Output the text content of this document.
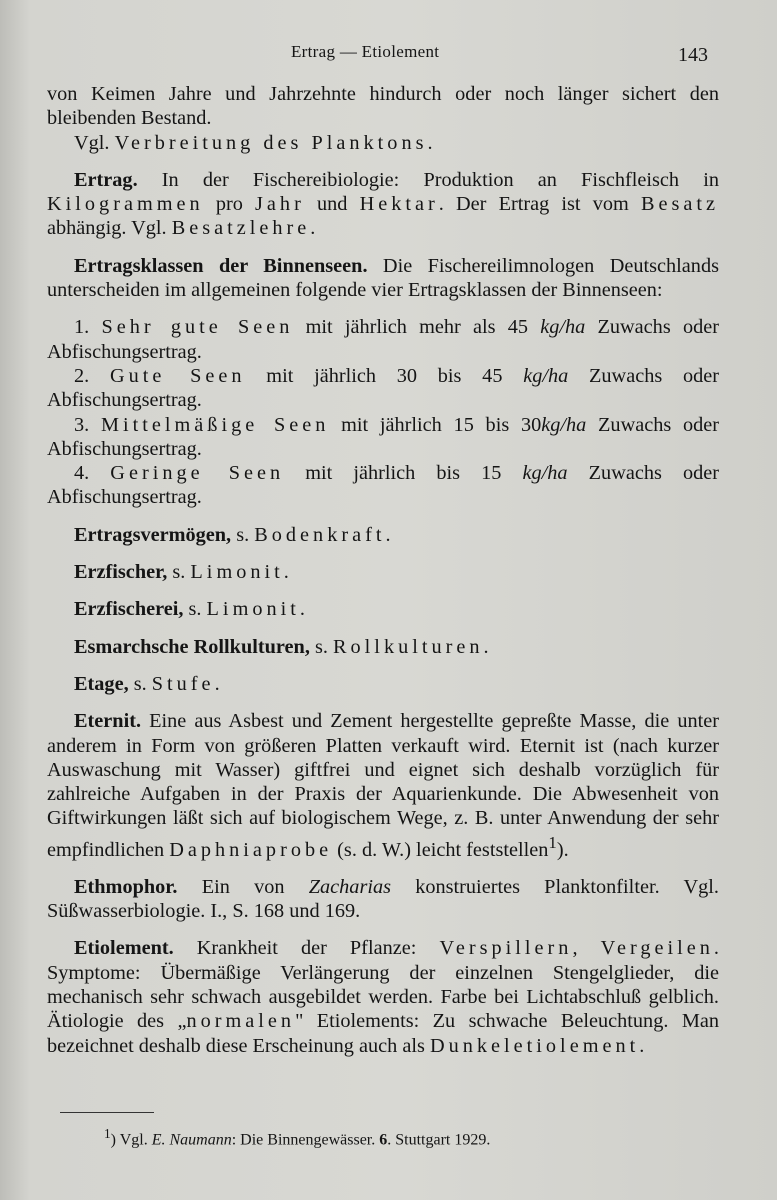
Ertrag — Etiolement	143

von Keimen Jahre und Jahrzehnte hindurch oder noch länger sichert den bleibenden Bestand.

Vgl. Verbreitung des Planktons.

Ertrag. In der Fischereibiologie: Produktion an Fischfleisch in Kilogrammen pro Jahr und Hektar. Der Ertrag ist vom Besatz abhängig. Vgl. Besatzlehre.

Ertragsklassen der Binnenseen. Die Fischereilimnologen Deutschlands unterscheiden im allgemeinen folgende vier Ertragsklassen der Binnenseen:

1. Sehr gute Seen mit jährlich mehr als 45 kg/ha Zuwachs oder Abfischungsertrag.

2. Gute Seen mit jährlich 30 bis 45 kg/ha Zuwachs oder Abfischungsertrag.

3. Mittelmäßige Seen mit jährlich 15 bis 30kg/ha Zuwachs oder Abfischungsertrag.

4. Geringe Seen mit jährlich bis 15 kg/ha Zuwachs oder Abfischungsertrag.

Ertragsvermögen, s. Bodenkraft.

Erzfischer, s. Limonit.

Erzfischerei, s. Limonit.

Esmarchsche Rollkulturen, s. Rollkulturen.

Etage, s. Stufe.

Eternit. Eine aus Asbest und Zement hergestellte gepreßte Masse, die unter anderem in Form von größeren Platten verkauft wird. Eternit ist (nach kurzer Auswaschung mit Wasser) giftfrei und eignet sich deshalb vorzüglich für zahlreiche Aufgaben in der Praxis der Aquarienkunde. Die Abwesenheit von Giftwirkungen läßt sich auf biologischem Wege, z. B. unter Anwendung der sehr empfindlichen Daphniaprobe (s. d. W.) leicht feststellen$^1$).

Ethmophor. Ein von Zacharias konstruiertes Planktonfilter. Vgl. Süßwasserbiologie. I., S. 168 und 169.

Etiolement. Krankheit der Pflanze: Verspillern, Vergeilen. Symptome: Übermäßige Verlängerung der einzelnen Stengelglieder, die mechanisch sehr schwach ausgebildet werden. Farbe bei Lichtabschluß gelblich. Ätiologie des „normalen" Etiolements: Zu schwache Beleuchtung. Man bezeichnet deshalb diese Erscheinung auch als Dunkeletiolement.

$^1$) Vgl. E. Naumann: Die Binnengewässer. 6. Stuttgart 1929.
